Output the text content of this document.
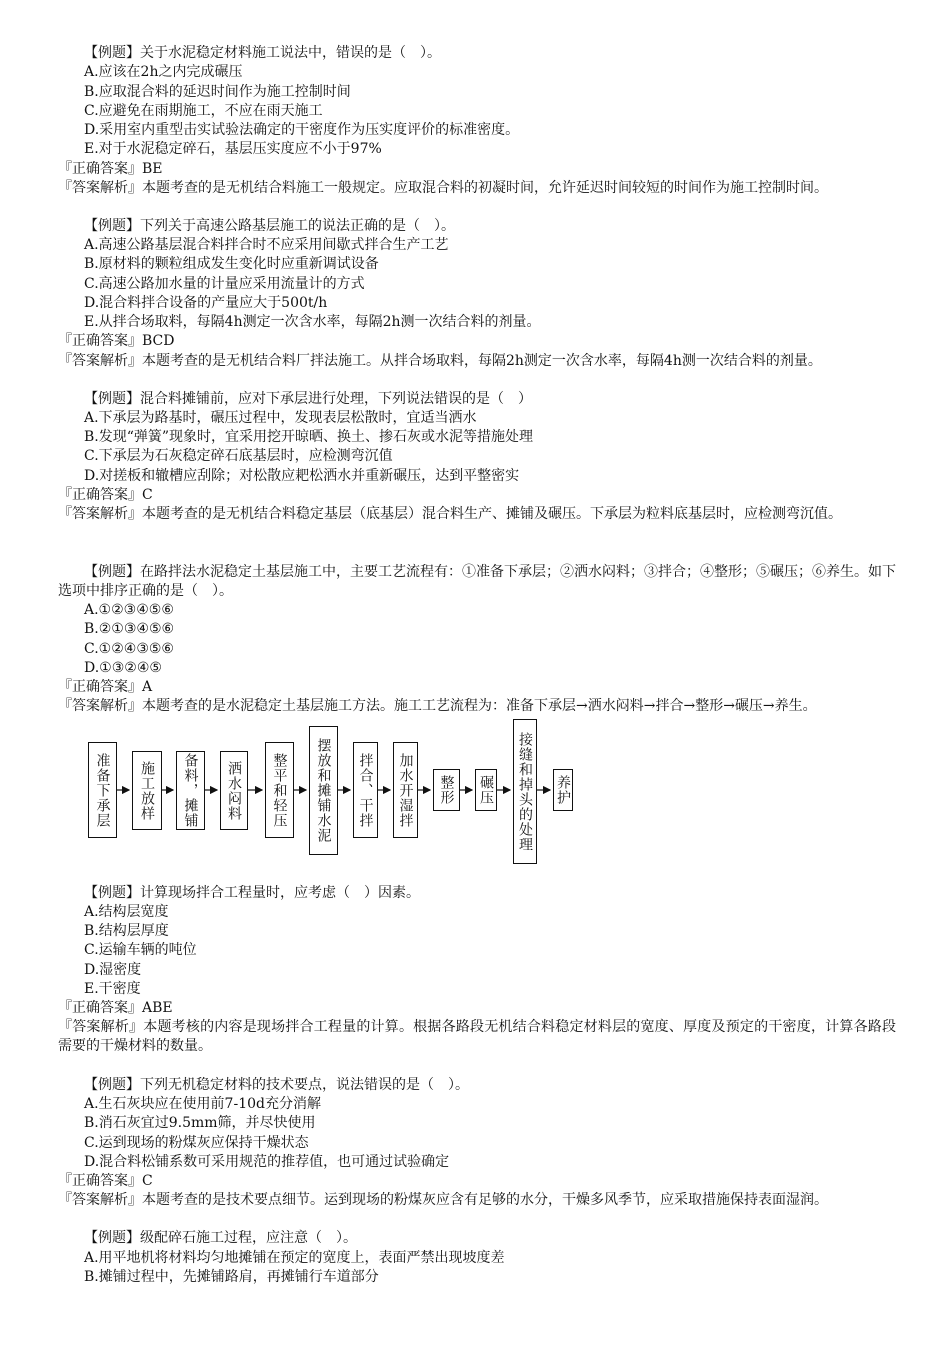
【例题】关于水泥稳定材料施工说法中，错误的是（　）。
A.应该在2h之内完成碾压
B.应取混合料的延迟时间作为施工控制时间
C.应避免在雨期施工，不应在雨天施工
D.采用室内重型击实试验法确定的干密度作为压实度评价的标准密度。
E.对于水泥稳定碎石，基层压实度应不小于97%
『正确答案』BE
『答案解析』本题考查的是无机结合料施工一般规定。应取混合料的初凝时间，允许延迟时间较短的时间作为施工控制时间。
【例题】下列关于高速公路基层施工的说法正确的是（　）。
A.高速公路基层混合料拌合时不应采用间歇式拌合生产工艺
B.原材料的颗粒组成发生变化时应重新调试设备
C.高速公路加水量的计量应采用流量计的方式
D.混合料拌合设备的产量应大于500t/h
E.从拌合场取料，每隔4h测定一次含水率，每隔2h测一次结合料的剂量。
『正确答案』BCD
『答案解析』本题考查的是无机结合料厂拌法施工。从拌合场取料，每隔2h测定一次含水率，每隔4h测一次结合料的剂量。
【例题】混合料摊铺前，应对下承层进行处理，下列说法错误的是（　）
A.下承层为路基时，碾压过程中，发现表层松散时，宜适当洒水
B.发现“弹簧”现象时，宜采用挖开晾晒、换土、掺石灰或水泥等措施处理
C.下承层为石灰稳定碎石底基层时，应检测弯沉值
D.对搓板和辙槽应刮除；对松散应耙松洒水并重新碾压，达到平整密实
『正确答案』C
『答案解析』本题考查的是无机结合料稳定基层（底基层）混合料生产、摊铺及碾压。下承层为粒料底基层时，应检测弯沉值。
【例题】在路拌法水泥稳定土基层施工中，主要工艺流程有：①准备下承层；②洒水闷料；③拌合；④整形；⑤碾压；⑥养生。如下选项中排序正确的是（　）。
A.①②③④⑤⑥
B.②①③④⑤⑥
C.①②④③⑤⑥
D.①③②④⑤
『正确答案』A
『答案解析』本题考查的是水泥稳定土基层施工方法。施工工艺流程为：准备下承层→洒水闷料→拌合→整形→碾压→养生。
准备下承层 施工放样 备料，摊铺 洒水闷料 整平和轻压 摆放和摊铺水泥 拌合、干拌 加水开湿拌 整形 碾压 接缝和掉头的处理 养护
【例题】计算现场拌合工程量时，应考虑（　）因素。
A.结构层宽度
B.结构层厚度
C.运输车辆的吨位
D.湿密度
E.干密度
『正确答案』ABE
『答案解析』本题考核的内容是现场拌合工程量的计算。根据各路段无机结合料稳定材料层的宽度、厚度及预定的干密度，计算各路段需要的干燥材料的数量。
【例题】下列无机稳定材料的技术要点，说法错误的是（　）。
A.生石灰块应在使用前7-10d充分消解
B.消石灰宜过9.5mm筛，并尽快使用
C.运到现场的粉煤灰应保持干燥状态
D.混合料松铺系数可采用规范的推荐值，也可通过试验确定
『正确答案』C
『答案解析』本题考查的是技术要点细节。运到现场的粉煤灰应含有足够的水分，干燥多风季节，应采取措施保持表面湿润。
【例题】级配碎石施工过程，应注意（　）。
A.用平地机将材料均匀地摊铺在预定的宽度上，表面严禁出现坡度差
B.摊铺过程中，先摊铺路肩，再摊铺行车道部分
